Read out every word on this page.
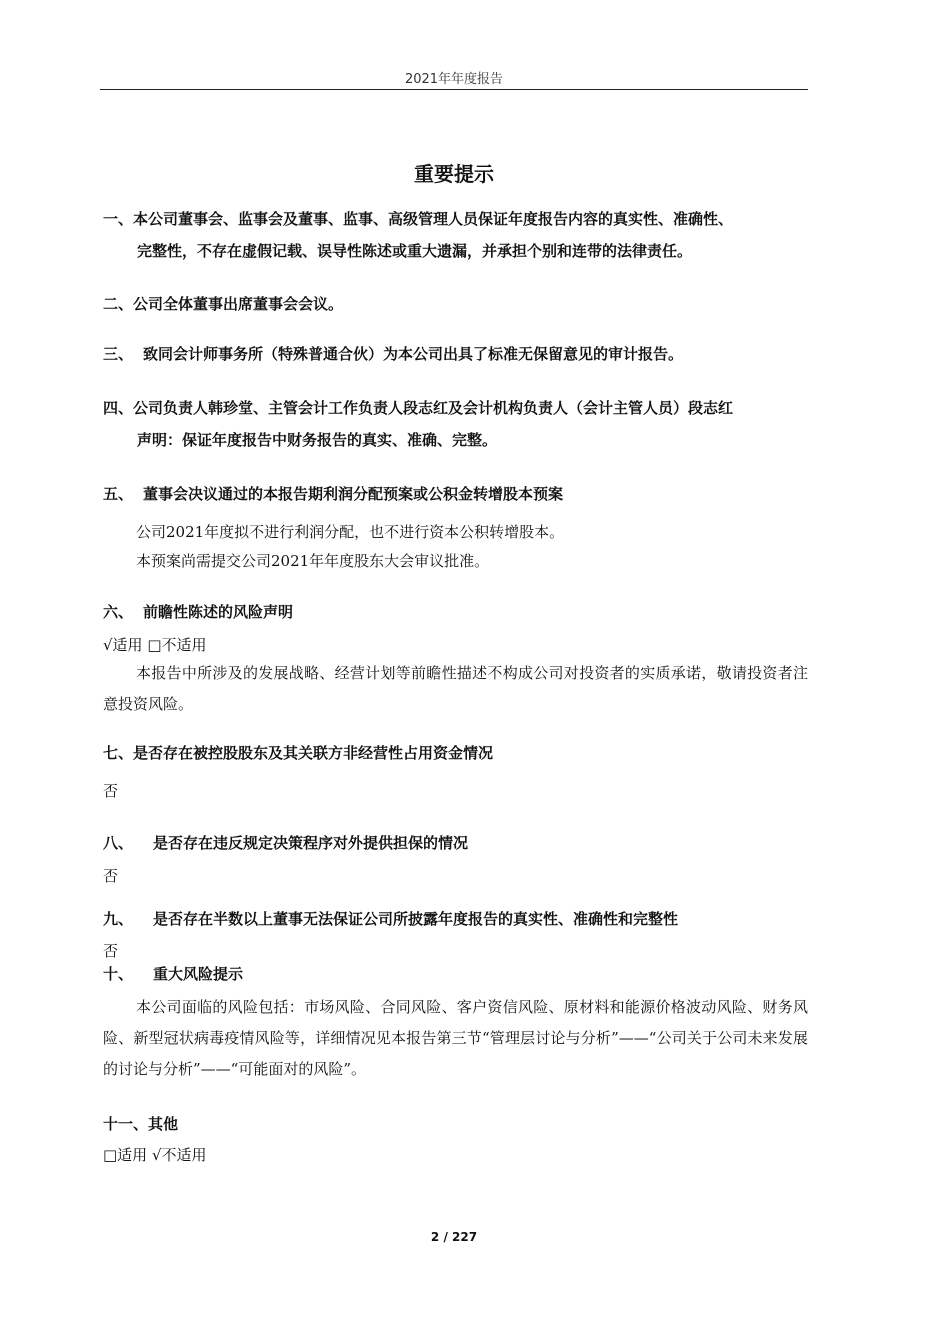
2021年年度报告
重要提示
一、本公司董事会、监事会及董事、监事、高级管理人员保证年度报告内容的真实性、准确性、
完整性，不存在虚假记载、误导性陈述或重大遗漏，并承担个别和连带的法律责任。
二、公司全体董事出席董事会会议。
三、 致同会计师事务所（特殊普通合伙）为本公司出具了标准无保留意见的审计报告。
四、公司负责人韩珍堂、主管会计工作负责人段志红及会计机构负责人（会计主管人员）段志红
声明：保证年度报告中财务报告的真实、准确、完整。
五、 董事会决议通过的本报告期利润分配预案或公积金转增股本预案
公司2021年度拟不进行利润分配，也不进行资本公积转增股本。
本预案尚需提交公司2021年年度股东大会审议批准。
六、 前瞻性陈述的风险声明
√适用 □不适用
本报告中所涉及的发展战略、经营计划等前瞻性描述不构成公司对投资者的实质承诺，敬请投资者注意投资风险。
七、是否存在被控股股东及其关联方非经营性占用资金情况
否
八、 是否存在违反规定决策程序对外提供担保的情况
否
九、 是否存在半数以上董事无法保证公司所披露年度报告的真实性、准确性和完整性
否
十、 重大风险提示
本公司面临的风险包括：市场风险、合同风险、客户资信风险、原材料和能源价格波动风险、财务风险、新型冠状病毒疫情风险等，详细情况见本报告第三节“管理层讨论与分析”——“公司关于公司未来发展的讨论与分析”——“可能面对的风险”。
十一、其他
□适用 √不适用
2 / 227
